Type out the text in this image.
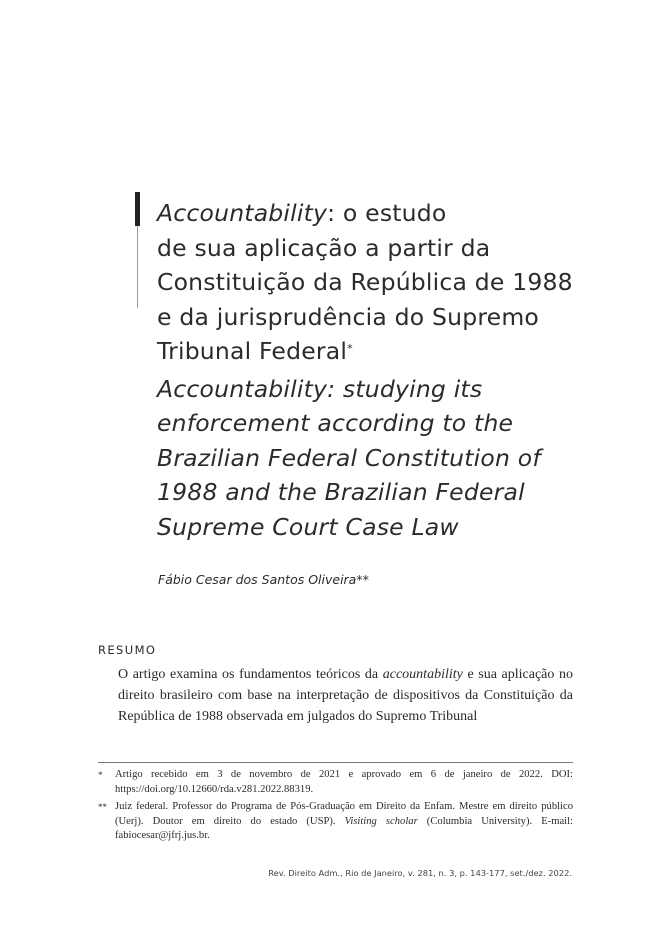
Accountability: o estudo
de sua aplicação a partir da
Constituição da República de 1988
e da jurisprudência do Supremo
Tribunal Federal*
Accountability: studying its
enforcement according to the
Brazilian Federal Constitution of
1988 and the Brazilian Federal
Supreme Court Case Law
Fábio Cesar dos Santos Oliveira**
RESUMO

O artigo examina os fundamentos teóricos da accountability e sua aplicação no direito brasileiro com base na interpretação de dispositivos da Constituição da República de 1988 observada em julgados do Supremo Tribunal

*	Artigo recebido em 3 de novembro de 2021 e aprovado em 6 de janeiro de 2022. DOI: https://doi.org/10.12660/rda.v281.2022.88319.
** Juiz federal. Professor do Programa de Pós-Graduação em Direito da Enfam. Mestre em direito público (Uerj). Doutor em direito do estado (USP). Visiting scholar (Columbia University). E-mail: fabiocesar@jfrj.jus.br.
Rev. Direito Adm., Rio de Janeiro, v. 281, n. 3, p. 143-177, set./dez. 2022.
